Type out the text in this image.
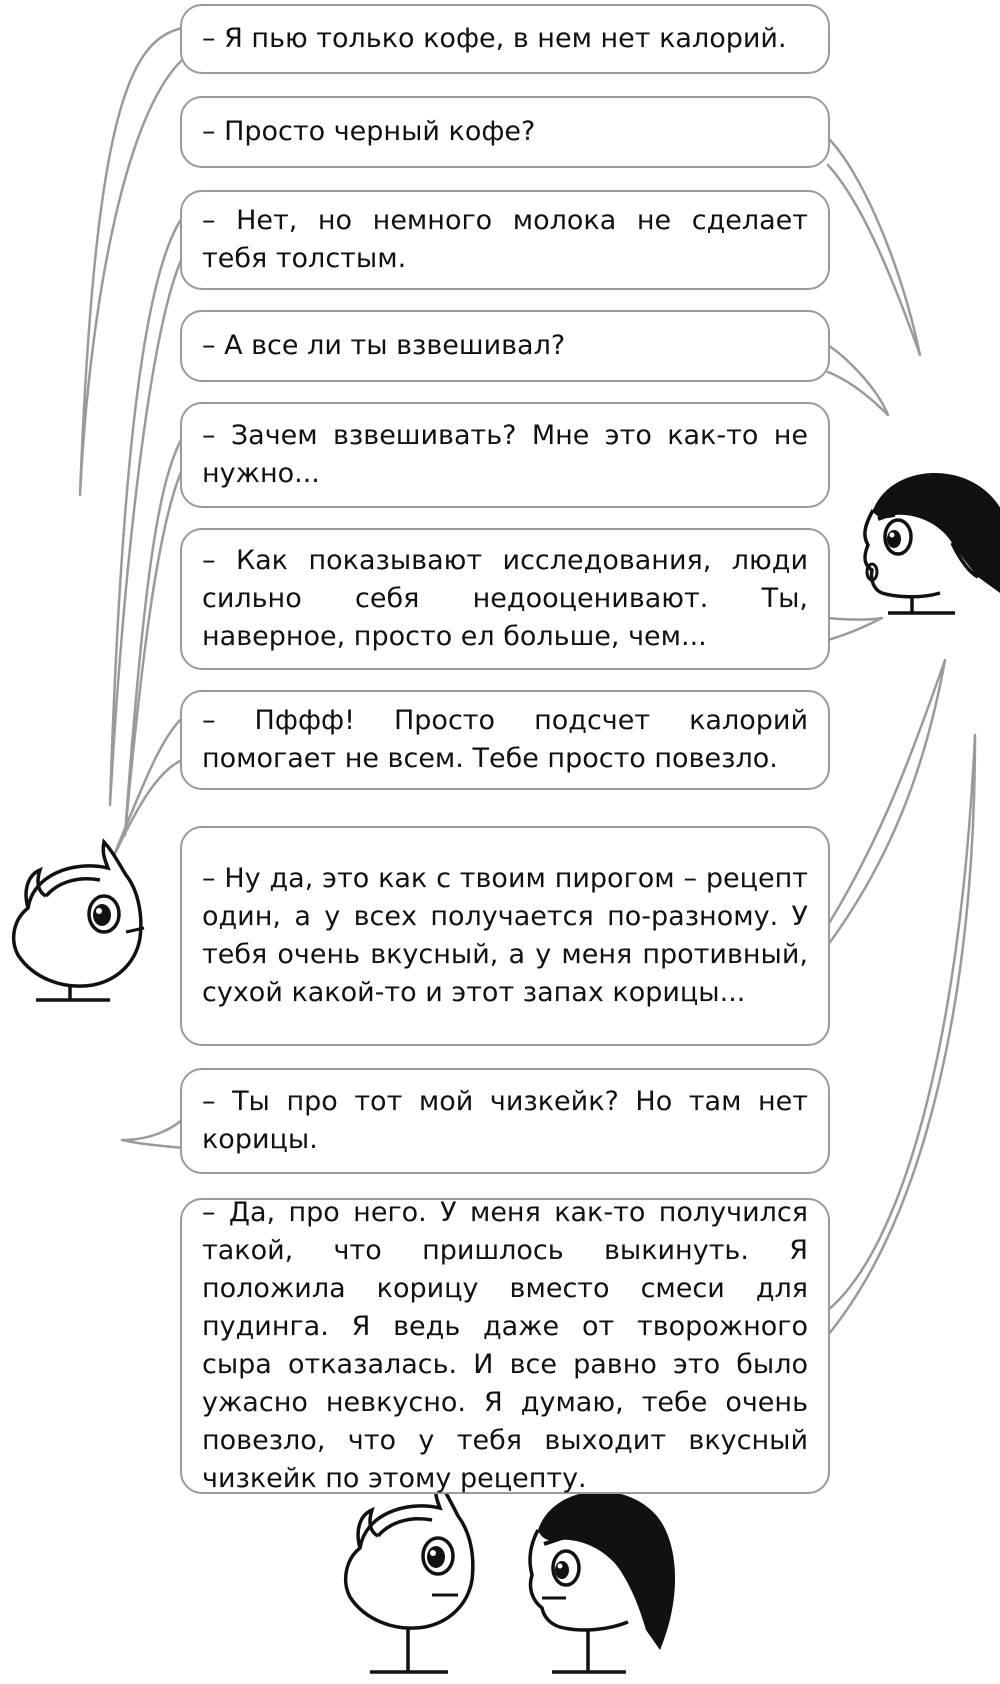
– Я пью только кофе, в нем нет калорий.
– Просто черный кофе?
– Нет, но немного молока не сделает тебя толстым.
– А все ли ты взвешивал?
– Зачем взвешивать? Мне это как-то не нужно...
– Как показывают исследования, люди сильно себя недооценивают. Ты, наверное, просто ел больше, чем...
– Пффф! Просто подсчет калорий помогает не всем. Тебе просто повезло.
– Ну да, это как с твоим пирогом – рецепт один, а у всех получается по-разному. У тебя очень вкусный, а у меня противный, сухой какой-то и этот запах корицы...
– Ты про тот мой чизкейк? Но там нет корицы.
– Да, про него. У меня как-то получился такой, что пришлось выкинуть. Я положила корицу вместо смеси для пудинга. Я ведь даже от творожного сыра отказалась. И все равно это было ужасно невкусно. Я думаю, тебе очень повезло, что у тебя выходит вкусный чизкейк по этому рецепту.
